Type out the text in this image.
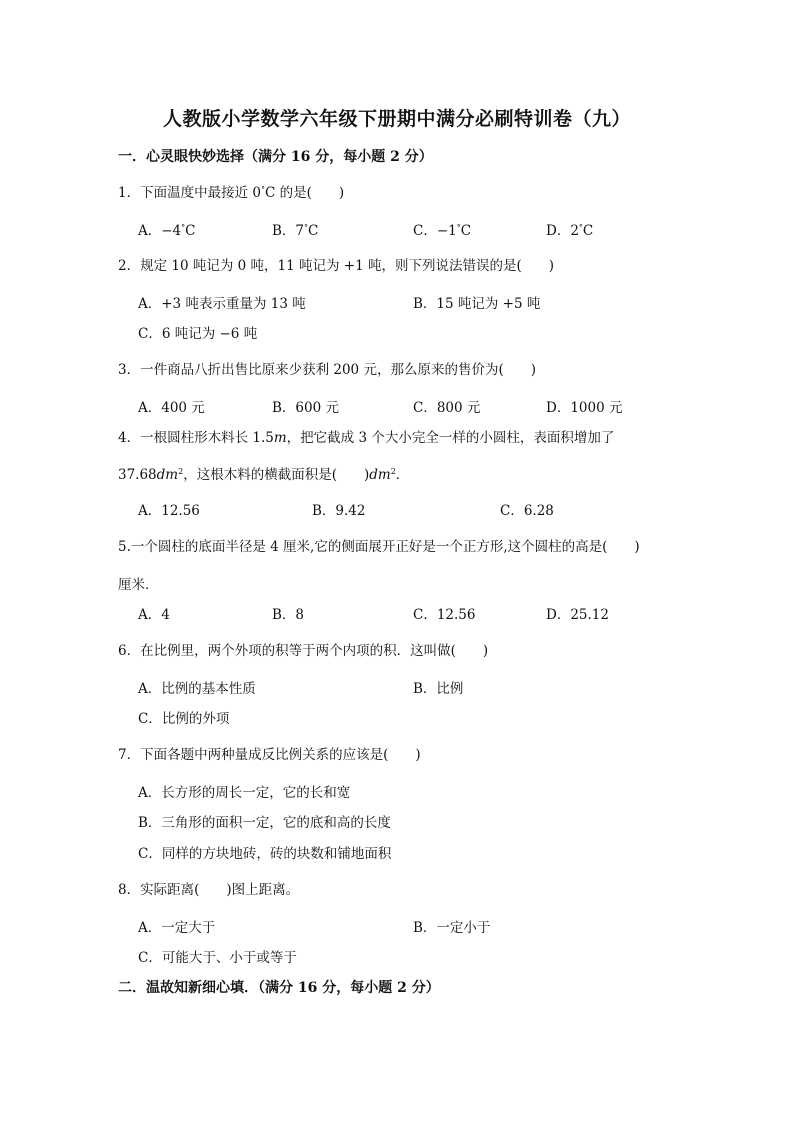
人教版小学数学六年级下册期中满分必刷特训卷（九）
一．心灵眼快妙选择（满分 16 分，每小题 2 分）
1．下面温度中最接近 0°C 的是(　　)
A．−4°C	B．7°C	C．−1°C	D．2°C
2．规定 10 吨记为 0 吨，11 吨记为 +1 吨，则下列说法错误的是(　　)
A．+3 吨表示重量为 13 吨	B．15 吨记为 +5 吨
C．6 吨记为 −6 吨
3．一件商品八折出售比原来少获利 200 元，那么原来的售价为(　　)
A．400 元	B．600 元	C．800 元	D．1000 元
4．一根圆柱形木料长 1.5m，把它截成 3 个大小完全一样的小圆柱，表面积增加了
$37.68dm^2$，这根木料的横截面积是(　　)$dm^2$．
A．12.56	B．9.42	C．6.28
5.一个圆柱的底面半径是 4 厘米,它的侧面展开正好是一个正方形,这个圆柱的高是(　　)
厘米．
A．4	B．8	C．12.56	D．25.12
6．在比例里，两个外项的积等于两个内项的积．这叫做(　　)
A．比例的基本性质	B．比例
C．比例的外项
7．下面各题中两种量成反比例关系的应该是(　　)
A．长方形的周长一定，它的长和宽
B．三角形的面积一定，它的底和高的长度
C．同样的方块地砖，砖的块数和铺地面积
8．实际距离(　　)图上距离。
A．一定大于	B．一定小于
C．可能大于、小于或等于
二．温故知新细心填．（满分 16 分，每小题 2 分）
